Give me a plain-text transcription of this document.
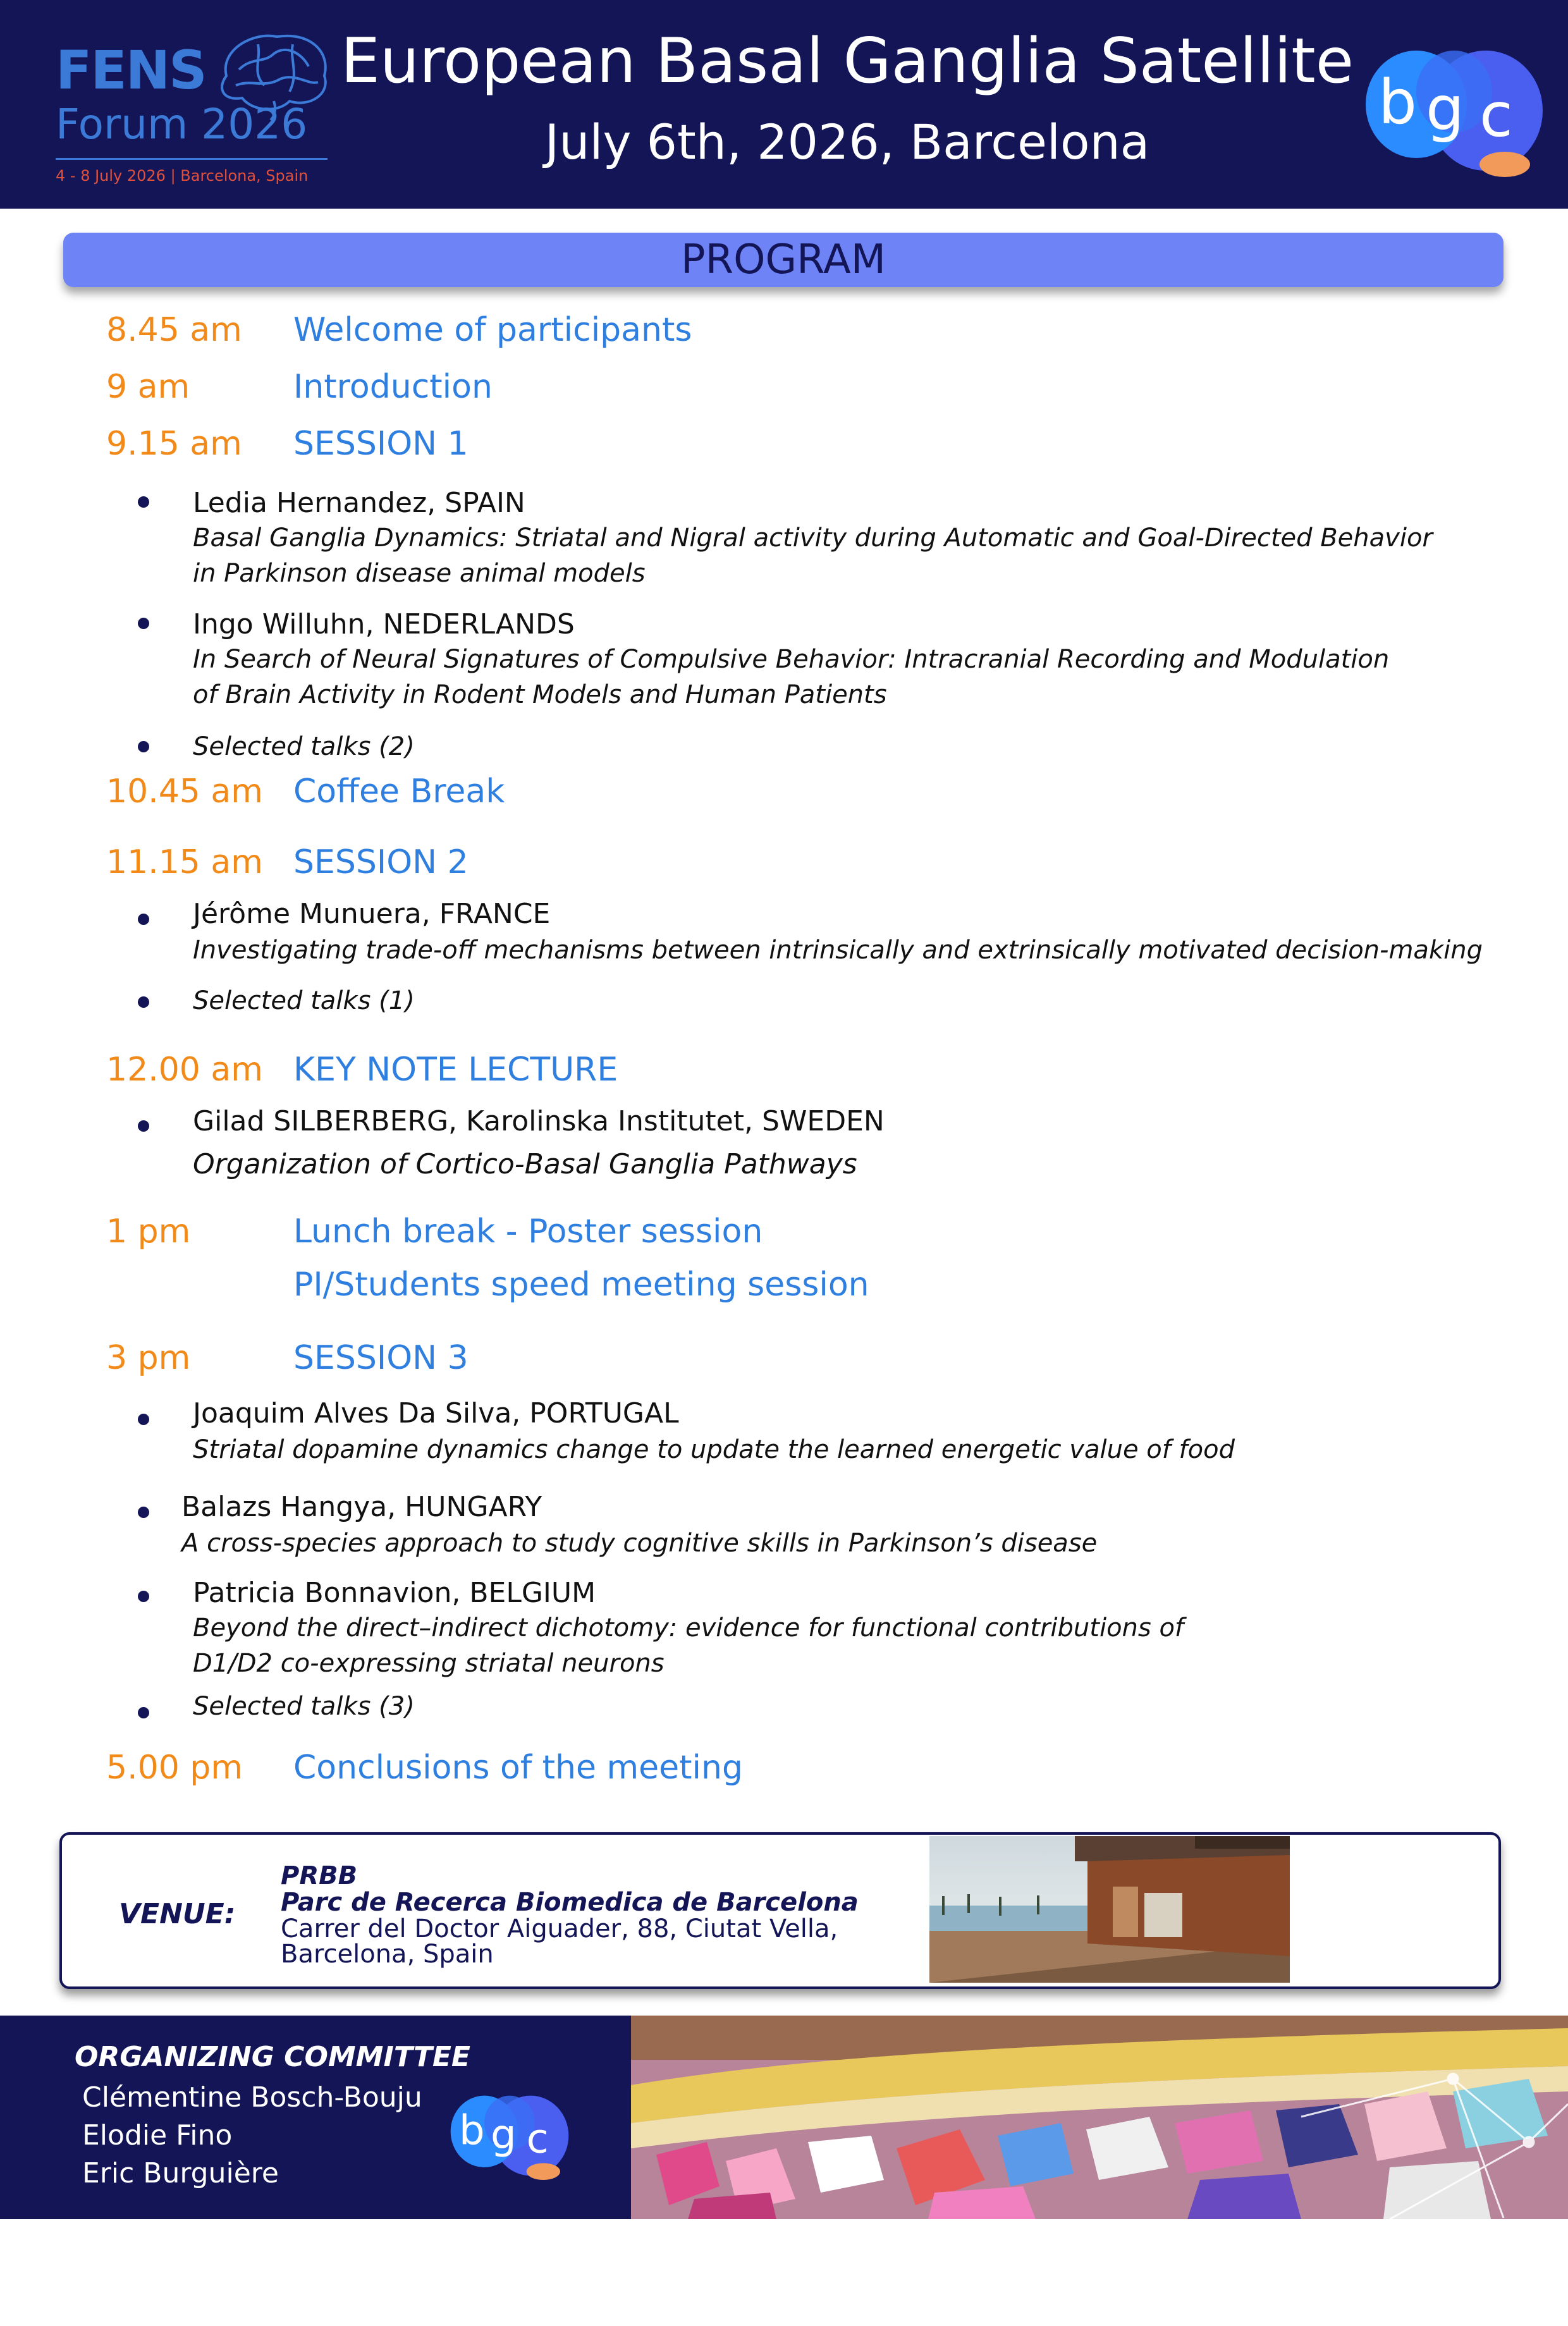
FENS
Forum 2026
4 - 8 July 2026 | Barcelona, Spain
European Basal Ganglia Satellite
July 6th, 2026, Barcelona
b g c
PROGRAM
8.45 am Welcome of participants
9 am	Introduction
9.15 am SESSION 1
Ledia Hernandez, SPAIN
Basal Ganglia Dynamics: Striatal and Nigral activity during Automatic and Goal-Directed Behavior
in Parkinson disease animal models
Ingo Willuhn, NEDERLANDS
In Search of Neural Signatures of Compulsive Behavior: Intracranial Recording and Modulation
of Brain Activity in Rodent Models and Human Patients
Selected talks (2)
10.45 am Coffee Break
11.15 am SESSION 2
Jérôme Munuera, FRANCE
Investigating trade-off mechanisms between intrinsically and extrinsically motivated decision-making
Selected talks (1)
12.00 am KEY NOTE LECTURE
Gilad SILBERBERG, Karolinska Institutet, SWEDEN
Organization of Cortico-Basal Ganglia Pathways
1 pm	Lunch break - Poster session
PI/Students speed meeting session
3 pm	SESSION 3
Joaquim Alves Da Silva, PORTUGAL
Striatal dopamine dynamics change to update the learned energetic value of food
Balazs Hangya, HUNGARY
A cross-species approach to study cognitive skills in Parkinson’s disease
Patricia Bonnavion, BELGIUM
Beyond the direct–indirect dichotomy: evidence for functional contributions of
D1/D2 co-expressing striatal neurons
Selected talks (3)
5.00 pm Conclusions of the meeting
VENUE:
PRBB
Parc de Recerca Biomedica de Barcelona
Carrer del Doctor Aiguader, 88, Ciutat Vella,
Barcelona, Spain
ORGANIZING COMMITTEE
Clémentine Bosch-Bouju
Elodie Fino
Eric Burguière
b g c
